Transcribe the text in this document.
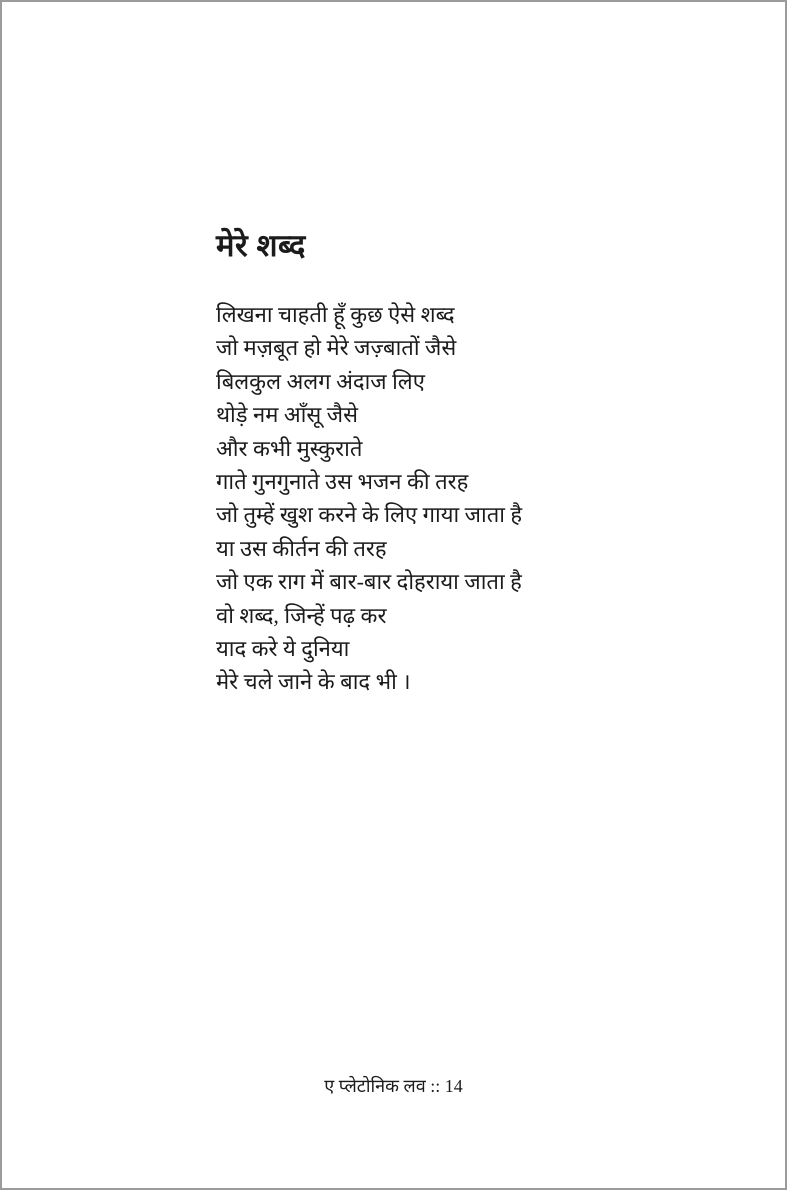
मेरे शब्द
लिखना चाहती हूँ कुछ ऐसे शब्द
जो मज़बूत हो मेरे जज़्बातों जैसे
बिलकुल अलग अंदाज लिए
थोड़े नम आँसू जैसे
और कभी मुस्कुराते
गाते गुनगुनाते उस भजन की तरह
जो तुम्हें खुश करने के लिए गाया जाता है
या उस कीर्तन की तरह
जो एक राग में बार-बार दोहराया जाता है
वो शब्द, जिन्हें पढ़ कर
याद करे ये दुनिया
मेरे चले जाने के बाद भी ।
ए प्लेटोनिक लव :: 14
